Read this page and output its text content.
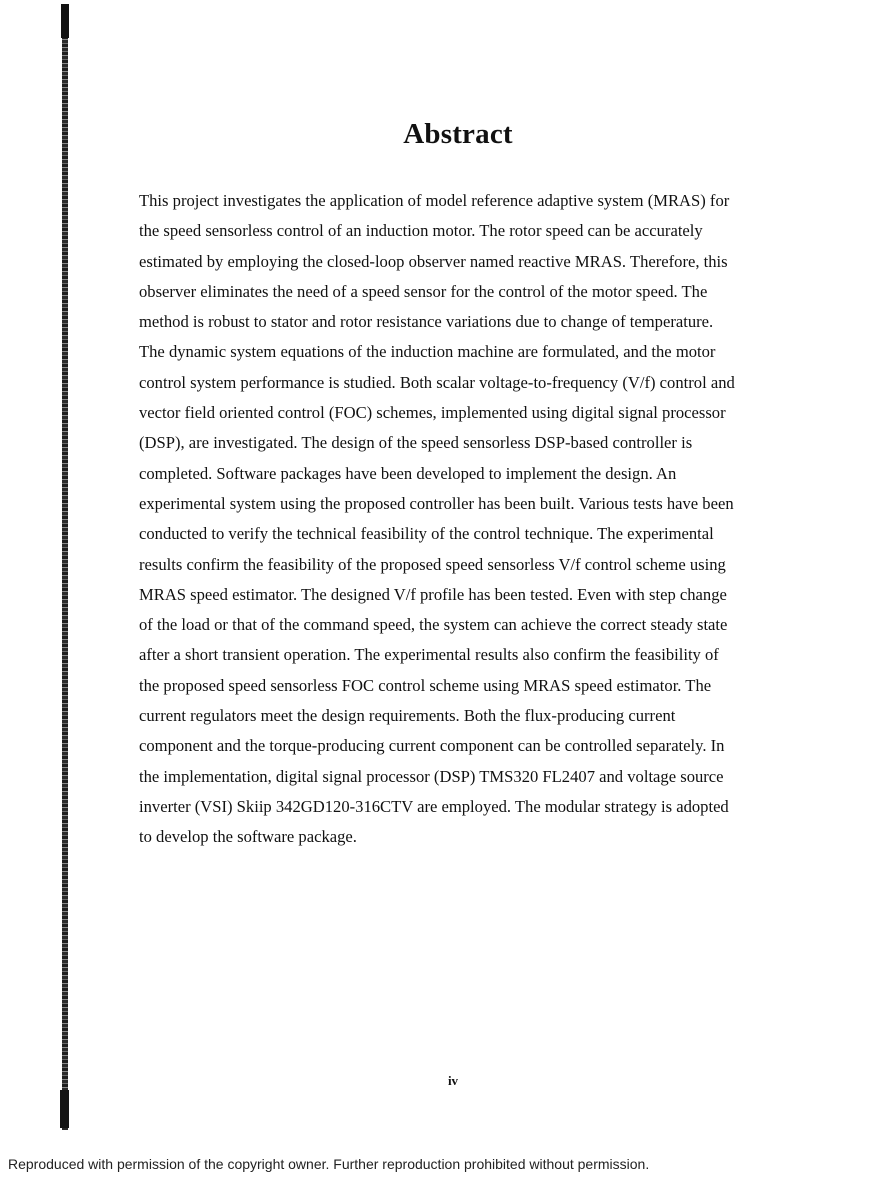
Abstract
This project investigates the application of model reference adaptive system (MRAS) for
the speed sensorless control of an induction motor. The rotor speed can be accurately
estimated by employing the closed-loop observer named reactive MRAS. Therefore, this
observer eliminates the need of a speed sensor for the control of the motor speed. The
method is robust to stator and rotor resistance variations due to change of temperature.
The dynamic system equations of the induction machine are formulated, and the motor
control system performance is studied. Both scalar voltage-to-frequency (V/f) control and
vector field oriented control (FOC) schemes, implemented using digital signal processor
(DSP), are investigated. The design of the speed sensorless DSP-based controller is
completed. Software packages have been developed to implement the design. An
experimental system using the proposed controller has been built. Various tests have been
conducted to verify the technical feasibility of the control technique. The experimental
results confirm the feasibility of the proposed speed sensorless V/f control scheme using
MRAS speed estimator. The designed V/f profile has been tested. Even with step change
of the load or that of the command speed, the system can achieve the correct steady state
after a short transient operation. The experimental results also confirm the feasibility of
the proposed speed sensorless FOC control scheme using MRAS speed estimator. The
current regulators meet the design requirements. Both the flux-producing current
component and the torque-producing current component can be controlled separately. In
the implementation, digital signal processor (DSP) TMS320 FL2407 and voltage source
inverter (VSI) Skiip 342GD120-316CTV are employed. The modular strategy is adopted
to develop the software package.
iv
Reproduced with permission of the copyright owner. Further reproduction prohibited without permission.
